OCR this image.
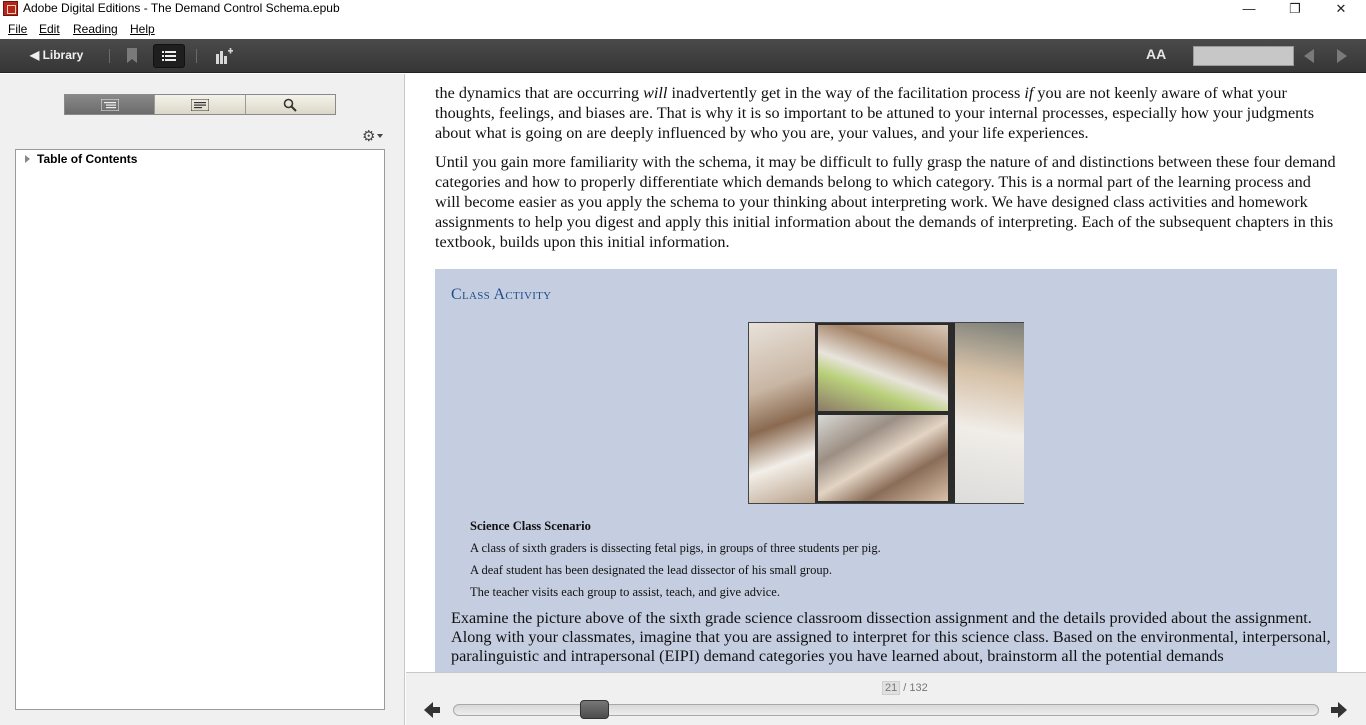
Adobe Digital Editions - The Demand Control Schema.epub	—	❐	✕
File Edit Reading Help
◀ Library	AA
⚙
Table of Contents

the dynamics that are occurring will inadvertently get in the way of the facilitation process if you are not keenly aware of what your thoughts, feelings, and biases are. That is why it is so important to be attuned to your internal processes, especially how your judgments about what is going on are deeply influenced by who you are, your values, and your life experiences.

Until you gain more familiarity with the schema, it may be difficult to fully grasp the nature of and distinctions between these four demand categories and how to properly differentiate which demands belong to which category. This is a normal part of the learning process and will become easier as you apply the schema to your thinking about interpreting work. We have designed class activities and homework assignments to help you digest and apply this initial information about the demands of interpreting. Each of the subsequent chapters in this textbook, builds upon this initial information.

Class Activity
Science Class Scenario
A class of sixth graders is dissecting fetal pigs, in groups of three students per pig.
A deaf student has been designated the lead dissector of his small group.
The teacher visits each group to assist, teach, and give advice.

Examine the picture above of the sixth grade science classroom dissection assignment and the details provided about the assignment. Along with your classmates, imagine that you are assigned to interpret for this science class. Based on the environmental, interpersonal, paralinguistic and intrapersonal (EIPI) demand categories you have learned about, brainstorm all the potential demands

21 / 132
